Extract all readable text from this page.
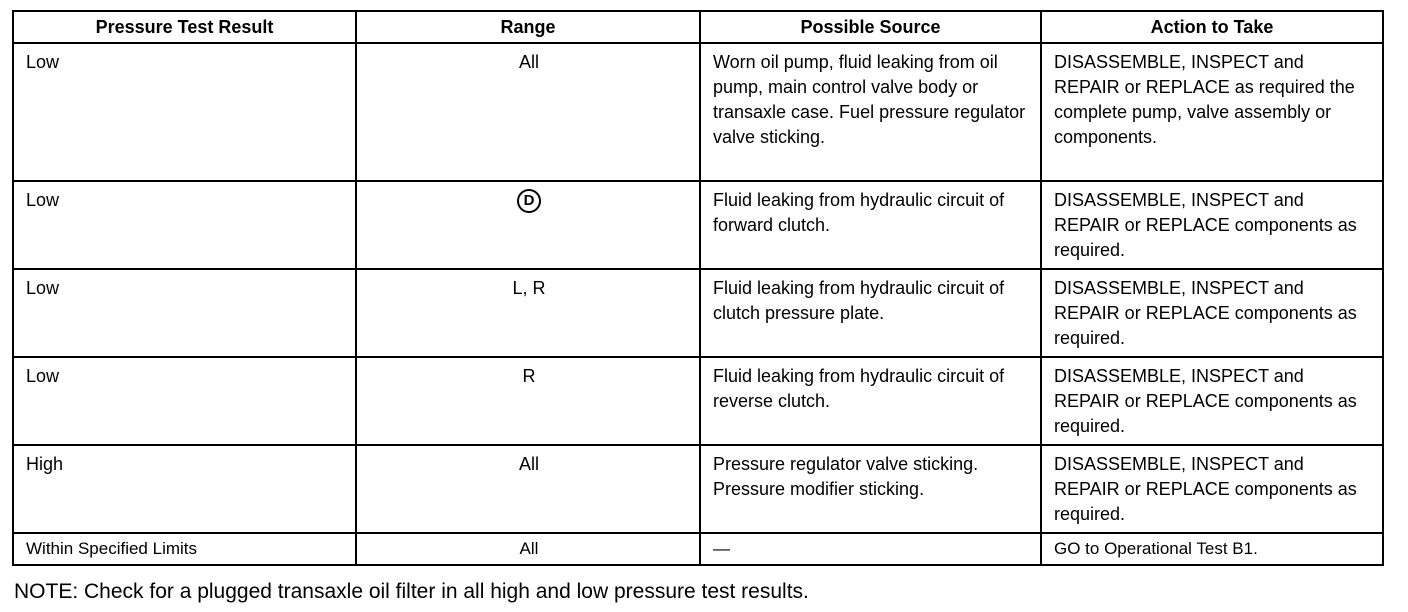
Pressure Test Result	Range	Possible Source	Action to Take
Low	All	Worn oil pump, fluid leaking from oil pump, main control valve body or transaxle case. Fuel pressure regulator valve sticking.	DISASSEMBLE, INSPECT and REPAIR or REPLACE as required the complete pump, valve assembly or components.
Low	D	Fluid leaking from hydraulic circuit of forward clutch.	DISASSEMBLE, INSPECT and REPAIR or REPLACE components as required.
Low	L, R	Fluid leaking from hydraulic circuit of clutch pressure plate.	DISASSEMBLE, INSPECT and REPAIR or REPLACE components as required.
Low	R	Fluid leaking from hydraulic circuit of reverse clutch.	DISASSEMBLE, INSPECT and REPAIR or REPLACE components as required.
High	All	Pressure regulator valve sticking. Pressure modifier sticking.	DISASSEMBLE, INSPECT and REPAIR or REPLACE components as required.
Within Specified Limits	All	—	GO to Operational Test B1.
NOTE: Check for a plugged transaxle oil filter in all high and low pressure test results.
